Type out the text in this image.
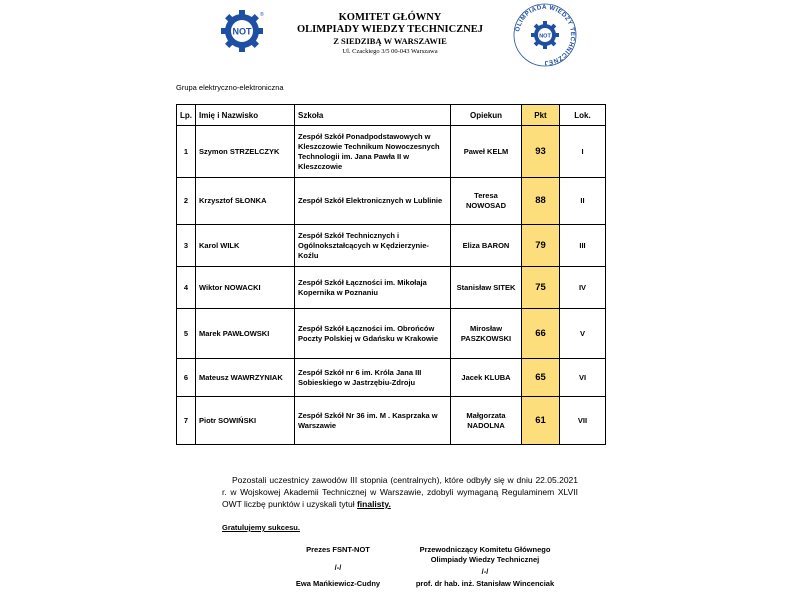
NOT
®	KOMITET GŁÓWNY
OLIMPIADY WIEDZY TECHNICZNEJ
Z SIEDZIBĄ W WARSZAWIE
Ul. Czackiego 3/5 00-043 Warszawa
OLIMPIADA WIEDZY TECHNICZNEJ
NOT
Grupa elektryczno-elektroniczna
Lp.	Imię i Nazwisko	Szkoła	Opiekun	Pkt	Lok.
1	Szymon STRZELCZYK	Zespół Szkół Ponadpodstawowych w Kleszczowie Technikum Nowoczesnych Technologii im. Jana Pawła II w Kleszczowie	Paweł KELM	93	I
2	Krzysztof SŁONKA	Zespół Szkół Elektronicznych w Lublinie	Teresa NOWOSAD	88	II
3	Karol WILK	Zespół Szkół Technicznych i Ogólnokształcących w Kędzierzynie-Koźlu	Eliza BARON	79	III
4	Wiktor NOWACKI	Zespół Szkół Łączności im. Mikołaja Kopernika w Poznaniu	Stanisław SITEK	75	IV
5	Marek PAWŁOWSKI	Zespół Szkół Łączności im. Obrońców Poczty Polskiej w Gdańsku w Krakowie	Mirosław PASZKOWSKI	66	V
6	Mateusz WAWRZYNIAK	Zespół Szkół nr 6 im. Króla Jana III Sobieskiego w Jastrzębiu-Zdroju	Jacek KLUBA	65	VI
7	Piotr SOWIŃSKI	Zespół Szkół Nr 36 im. M . Kasprzaka w Warszawie	Małgorzata NADOLNA	61	VII
Pozostali uczestnicy zawodów III stopnia (centralnych), które odbyły się w dniu 22.05.2021 r. w Wojskowej Akademii Technicznej w Warszawie, zdobyli wymaganą Regulaminem XLVII OWT liczbę punktów i uzyskali tytuł finalisty.
Gratulujemy sukcesu.
Prezes FSNT-NOT
/-/
Ewa Mańkiewicz-Cudny
Przewodniczący Komitetu Głównego
Olimpiady Wiedzy Technicznej
/-/
prof. dr hab. inż. Stanisław Wincenciak
